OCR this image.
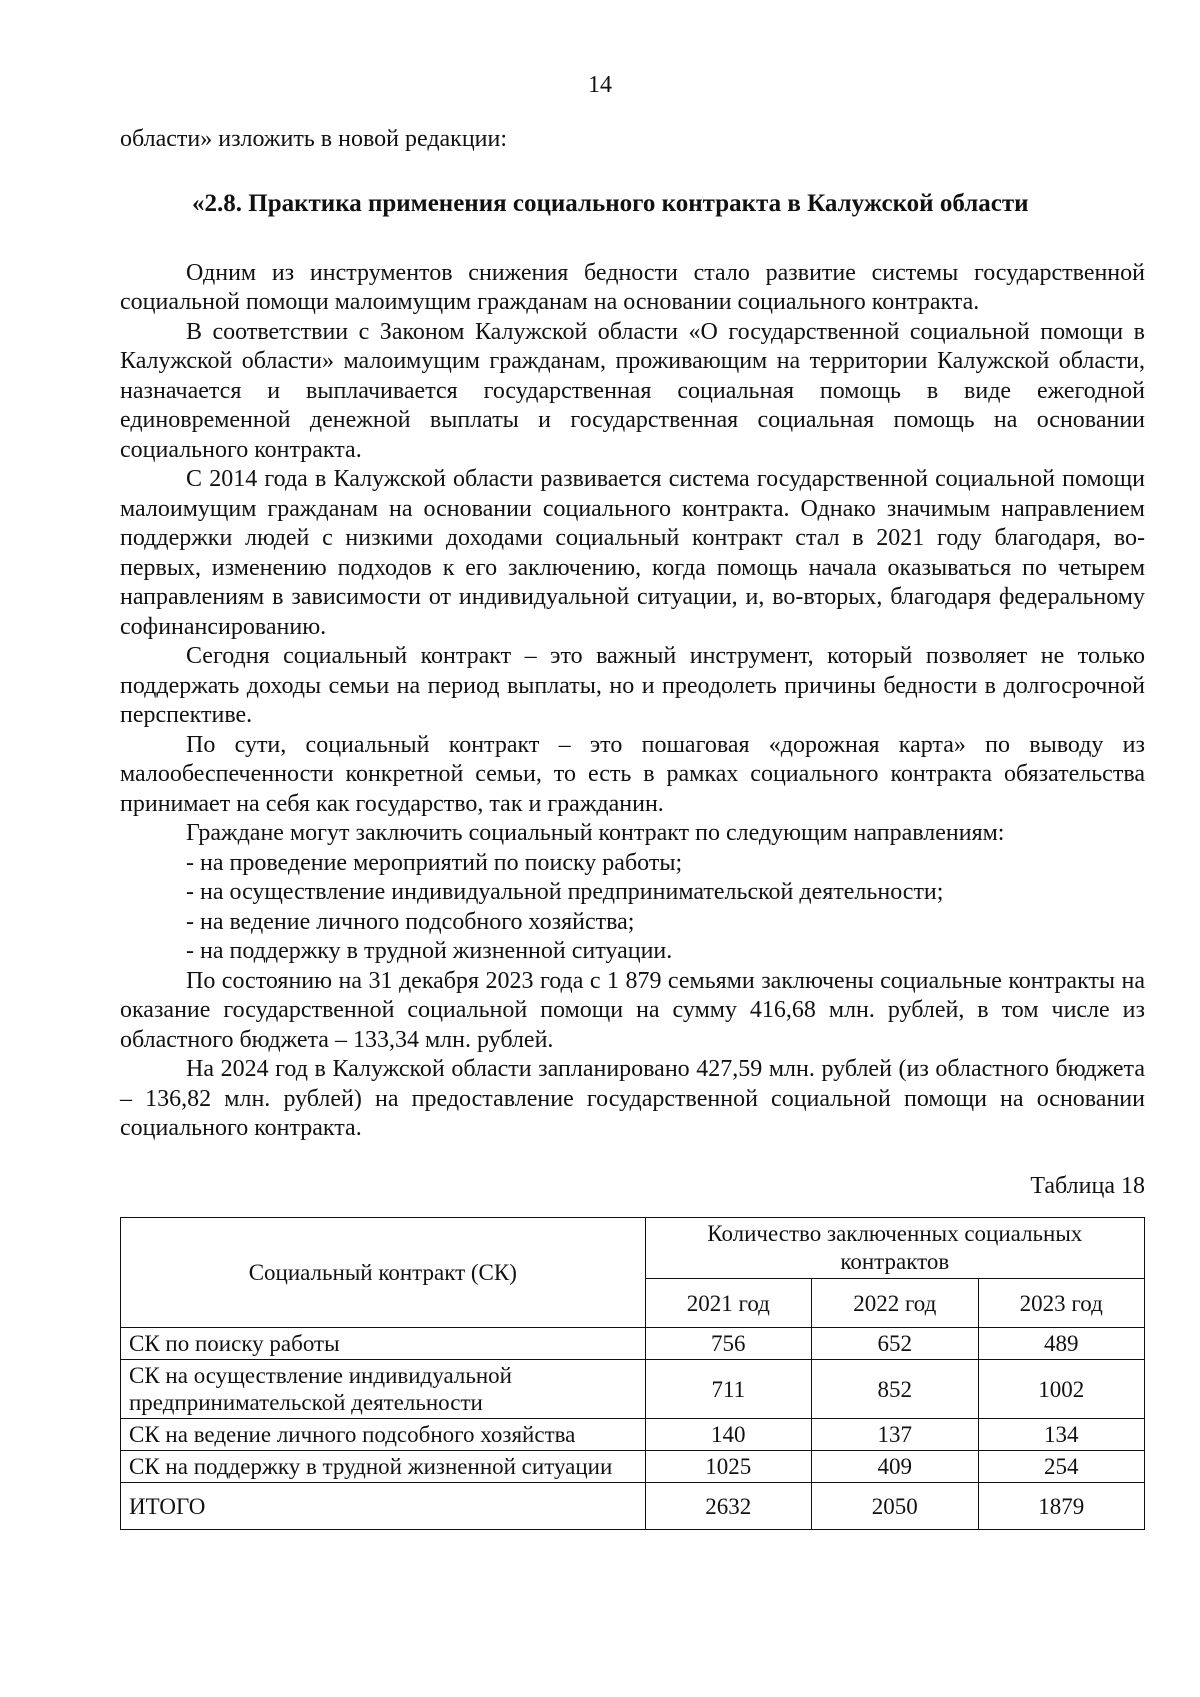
14

области» изложить в новой редакции:

«2.8. Практика применения социального контракта в Калужской области

Одним из инструментов снижения бедности стало развитие системы государственной социальной помощи малоимущим гражданам на основании социального контракта.

В соответствии с Законом Калужской области «О государственной социальной помощи в Калужской области» малоимущим гражданам, проживающим на территории Калужской области, назначается и выплачивается государственная социальная помощь в виде ежегодной единовременной денежной выплаты и государственная социальная помощь на основании социального контракта.

С 2014 года в Калужской области развивается система государственной социальной помощи малоимущим гражданам на основании социального контракта. Однако значимым направлением поддержки людей с низкими доходами социальный контракт стал в 2021 году благодаря, во-первых, изменению подходов к его заключению, когда помощь начала оказываться по четырем направлениям в зависимости от индивидуальной ситуации, и, во-вторых, благодаря федеральному софинансированию.

Сегодня социальный контракт – это важный инструмент, который позволяет не только поддержать доходы семьи на период выплаты, но и преодолеть причины бедности в долгосрочной перспективе.

По сути, социальный контракт – это пошаговая «дорожная карта» по выводу из малообеспеченности конкретной семьи, то есть в рамках социального контракта обязательства принимает на себя как государство, так и гражданин.

Граждане могут заключить социальный контракт по следующим направлениям:

- на проведение мероприятий по поиску работы;

- на осуществление индивидуальной предпринимательской деятельности;

- на ведение личного подсобного хозяйства;

- на поддержку в трудной жизненной ситуации.

По состоянию на 31 декабря 2023 года с 1 879 семьями заключены социальные контракты на оказание государственной социальной помощи на сумму 416,68 млн. рублей, в том числе из областного бюджета – 133,34 млн. рублей.

На 2024 год в Калужской области запланировано 427,59 млн. рублей (из областного бюджета – 136,82 млн. рублей) на предоставление государственной социальной помощи на основании социального контракта.

Таблица 18
Социальный контракт (СК)	Количество заключенных социальных контрактов		
	2021 год	2022 год	2023 год
СК по поиску работы	756	652	489
СК на осуществление индивидуальной предпринимательской деятельности	711	852	1002
СК на ведение личного подсобного хозяйства	140	137	134
СК на поддержку в трудной жизненной ситуации	1025	409	254
ИТОГО	2632	2050	1879
